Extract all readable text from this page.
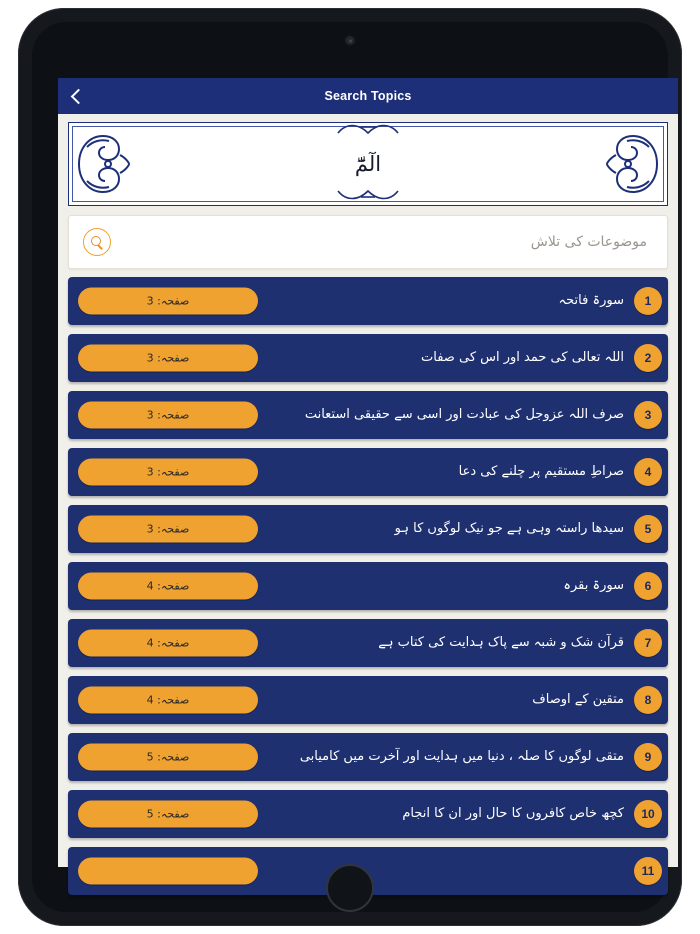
Search Topics
الٓمّٓ
موضوعات کی تلاش
صفحہ: 3	سورۃ فاتحہ	1
صفحہ: 3	اللہ تعالی کی حمد اور اس کی صفات	2
صفحہ: 3	صرف اللہ عزوجل کی عبادت اور اسی سے حقیقی استعانت	3
صفحہ: 3	صراطِ مستقیم پر چلنے کی دعا	4
صفحہ: 3	سیدھا راستہ وہی ہے جو نیک لوگوں کا ہو	5
صفحہ: 4	سورۃ بقرہ	6
صفحہ: 4	قرآن شک و شبہ سے پاک ہدایت کی کتاب ہے	7
صفحہ: 4	متقین کے اوصاف	8
صفحہ: 5	متقی لوگوں کا صلہ ، دنیا میں ہدایت اور آخرت میں کامیابی	9
صفحہ: 5	کچھ خاص کافروں کا حال اور ان کا انجام	10
11
